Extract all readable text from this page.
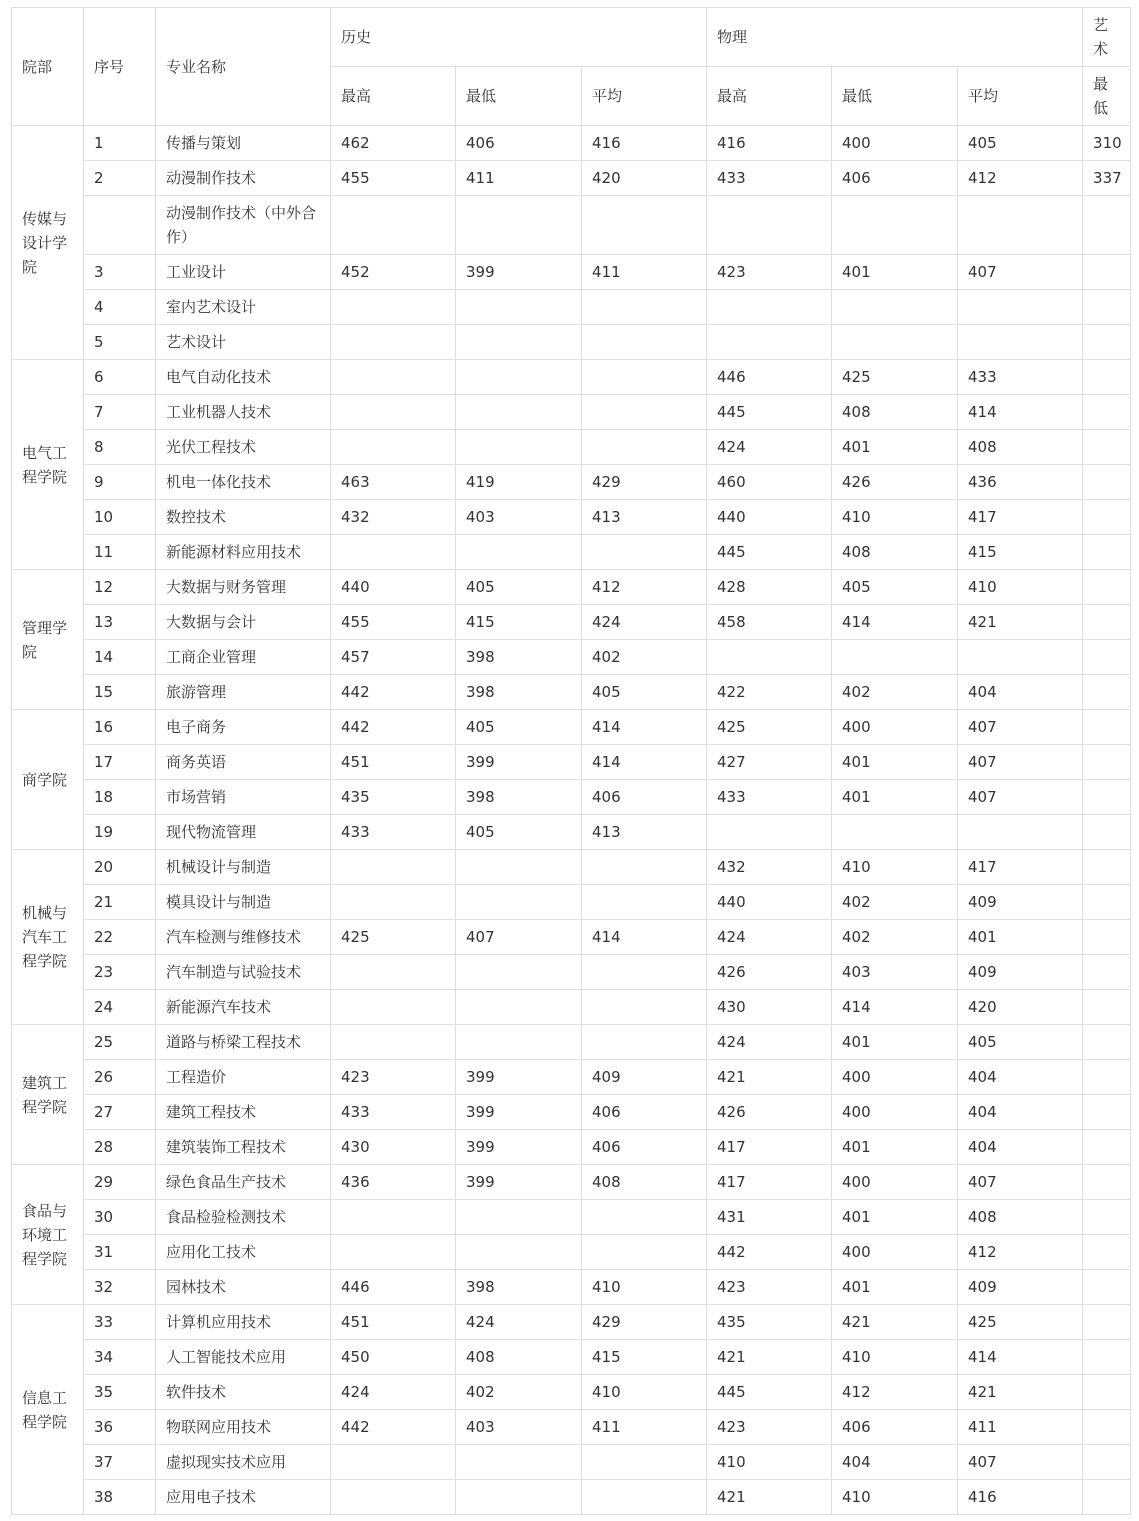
院部	序号	专业名称	历史			物理			艺术
			最高	最低	平均	最高	最低	平均	最低
传媒与设计学院	1	传播与策划	462	406	416	416	400	405	310
	2	动漫制作技术	455	411	420	433	406	412	337
		动漫制作技术（中外合作）							
	3	工业设计	452	399	411	423	401	407	
	4	室内艺术设计							
	5	艺术设计							
电气工程学院	6	电气自动化技术				446	425	433	
	7	工业机器人技术				445	408	414	
	8	光伏工程技术				424	401	408	
	9	机电一体化技术	463	419	429	460	426	436	
	10	数控技术	432	403	413	440	410	417	
	11	新能源材料应用技术				445	408	415	
管理学院	12	大数据与财务管理	440	405	412	428	405	410	
	13	大数据与会计	455	415	424	458	414	421	
	14	工商企业管理	457	398	402				
	15	旅游管理	442	398	405	422	402	404	
商学院	16	电子商务	442	405	414	425	400	407	
	17	商务英语	451	399	414	427	401	407	
	18	市场营销	435	398	406	433	401	407	
	19	现代物流管理	433	405	413				
机械与汽车工程学院	20	机械设计与制造				432	410	417	
	21	模具设计与制造				440	402	409	
	22	汽车检测与维修技术	425	407	414	424	402	401	
	23	汽车制造与试验技术				426	403	409	
	24	新能源汽车技术				430	414	420	
建筑工程学院	25	道路与桥梁工程技术				424	401	405	
	26	工程造价	423	399	409	421	400	404	
	27	建筑工程技术	433	399	406	426	400	404	
	28	建筑装饰工程技术	430	399	406	417	401	404	
食品与环境工程学院	29	绿色食品生产技术	436	399	408	417	400	407	
	30	食品检验检测技术				431	401	408	
	31	应用化工技术				442	400	412	
	32	园林技术	446	398	410	423	401	409	
信息工程学院	33	计算机应用技术	451	424	429	435	421	425	
	34	人工智能技术应用	450	408	415	421	410	414	
	35	软件技术	424	402	410	445	412	421	
	36	物联网应用技术	442	403	411	423	406	411	
	37	虚拟现实技术应用				410	404	407	
	38	应用电子技术				421	410	416	
